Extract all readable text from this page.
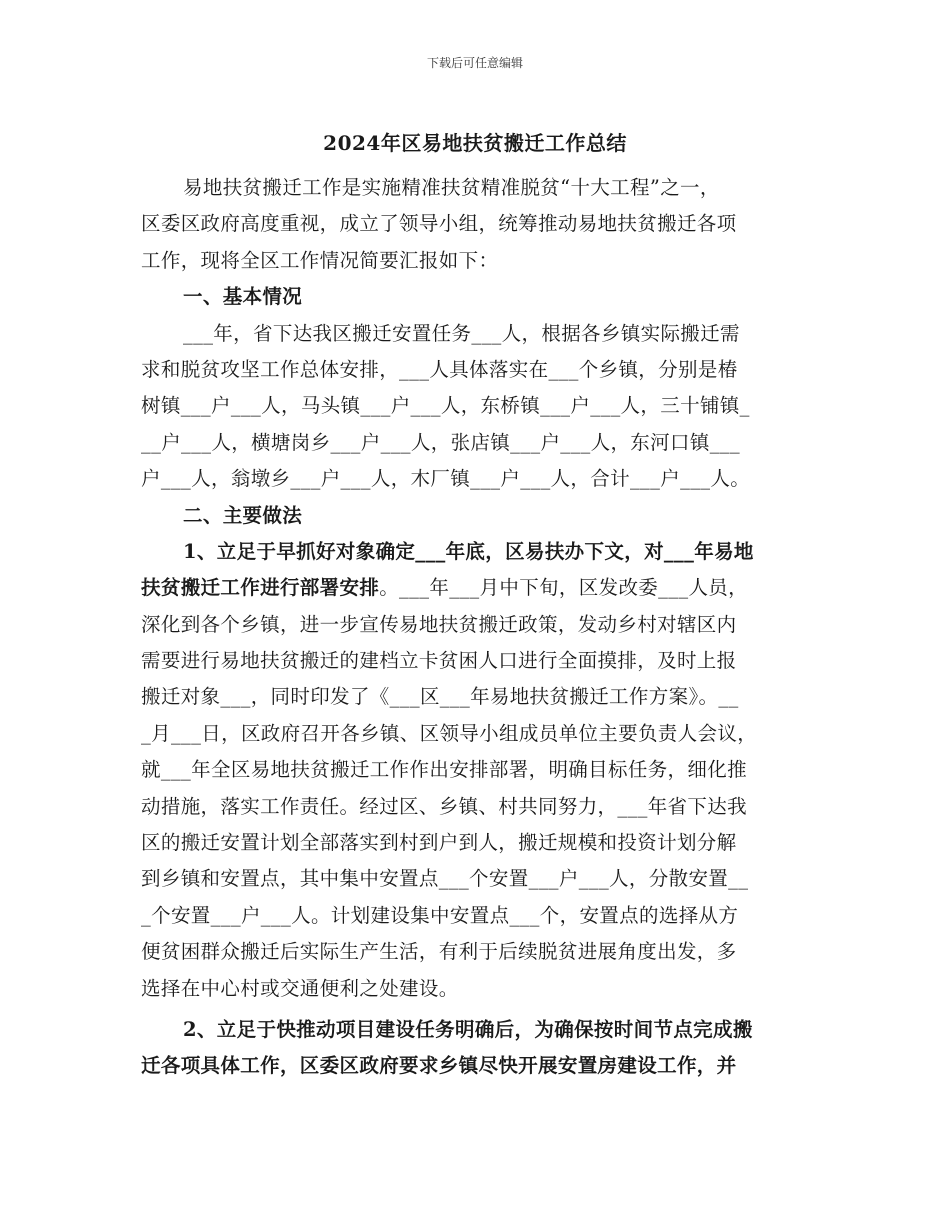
下载后可任意编辑
2024年区易地扶贫搬迁工作总结
易地扶贫搬迁工作是实施精准扶贫精准脱贫“十大工程”之一，
区委区政府高度重视，成立了领导小组，统筹推动易地扶贫搬迁各项
工作，现将全区工作情况简要汇报如下：
一、基本情况
___年，省下达我区搬迁安置任务___人，根据各乡镇实际搬迁需
求和脱贫攻坚工作总体安排，___人具体落实在___个乡镇，分别是椿
树镇___户___人，马头镇___户___人，东桥镇___户___人，三十铺镇_
__户___人，横塘岗乡___户___人，张店镇___户___人，东河口镇___
户___人，翁墩乡___户___人，木厂镇___户___人，合计___户___人。
二、主要做法
1、立足于早抓好对象确定___年底，区易扶办下文，对___年易地
扶贫搬迁工作进行部署安排。___年___月中下旬，区发改委___人员，
深化到各个乡镇，进一步宣传易地扶贫搬迁政策，发动乡村对辖区内
需要进行易地扶贫搬迁的建档立卡贫困人口进行全面摸排，及时上报
搬迁对象___，同时印发了《___区___年易地扶贫搬迁工作方案》。__
_月___日，区政府召开各乡镇、区领导小组成员单位主要负责人会议，
就___年全区易地扶贫搬迁工作作出安排部署，明确目标任务，细化推
动措施，落实工作责任。经过区、乡镇、村共同努力，___年省下达我
区的搬迁安置计划全部落实到村到户到人，搬迁规模和投资计划分解
到乡镇和安置点，其中集中安置点___个安置___户___人，分散安置__
_个安置___户___人。计划建设集中安置点___个，安置点的选择从方
便贫困群众搬迁后实际生产生活，有利于后续脱贫进展角度出发，多
选择在中心村或交通便利之处建设。
2、立足于快推动项目建设任务明确后，为确保按时间节点完成搬
迁各项具体工作，区委区政府要求乡镇尽快开展安置房建设工作，并
